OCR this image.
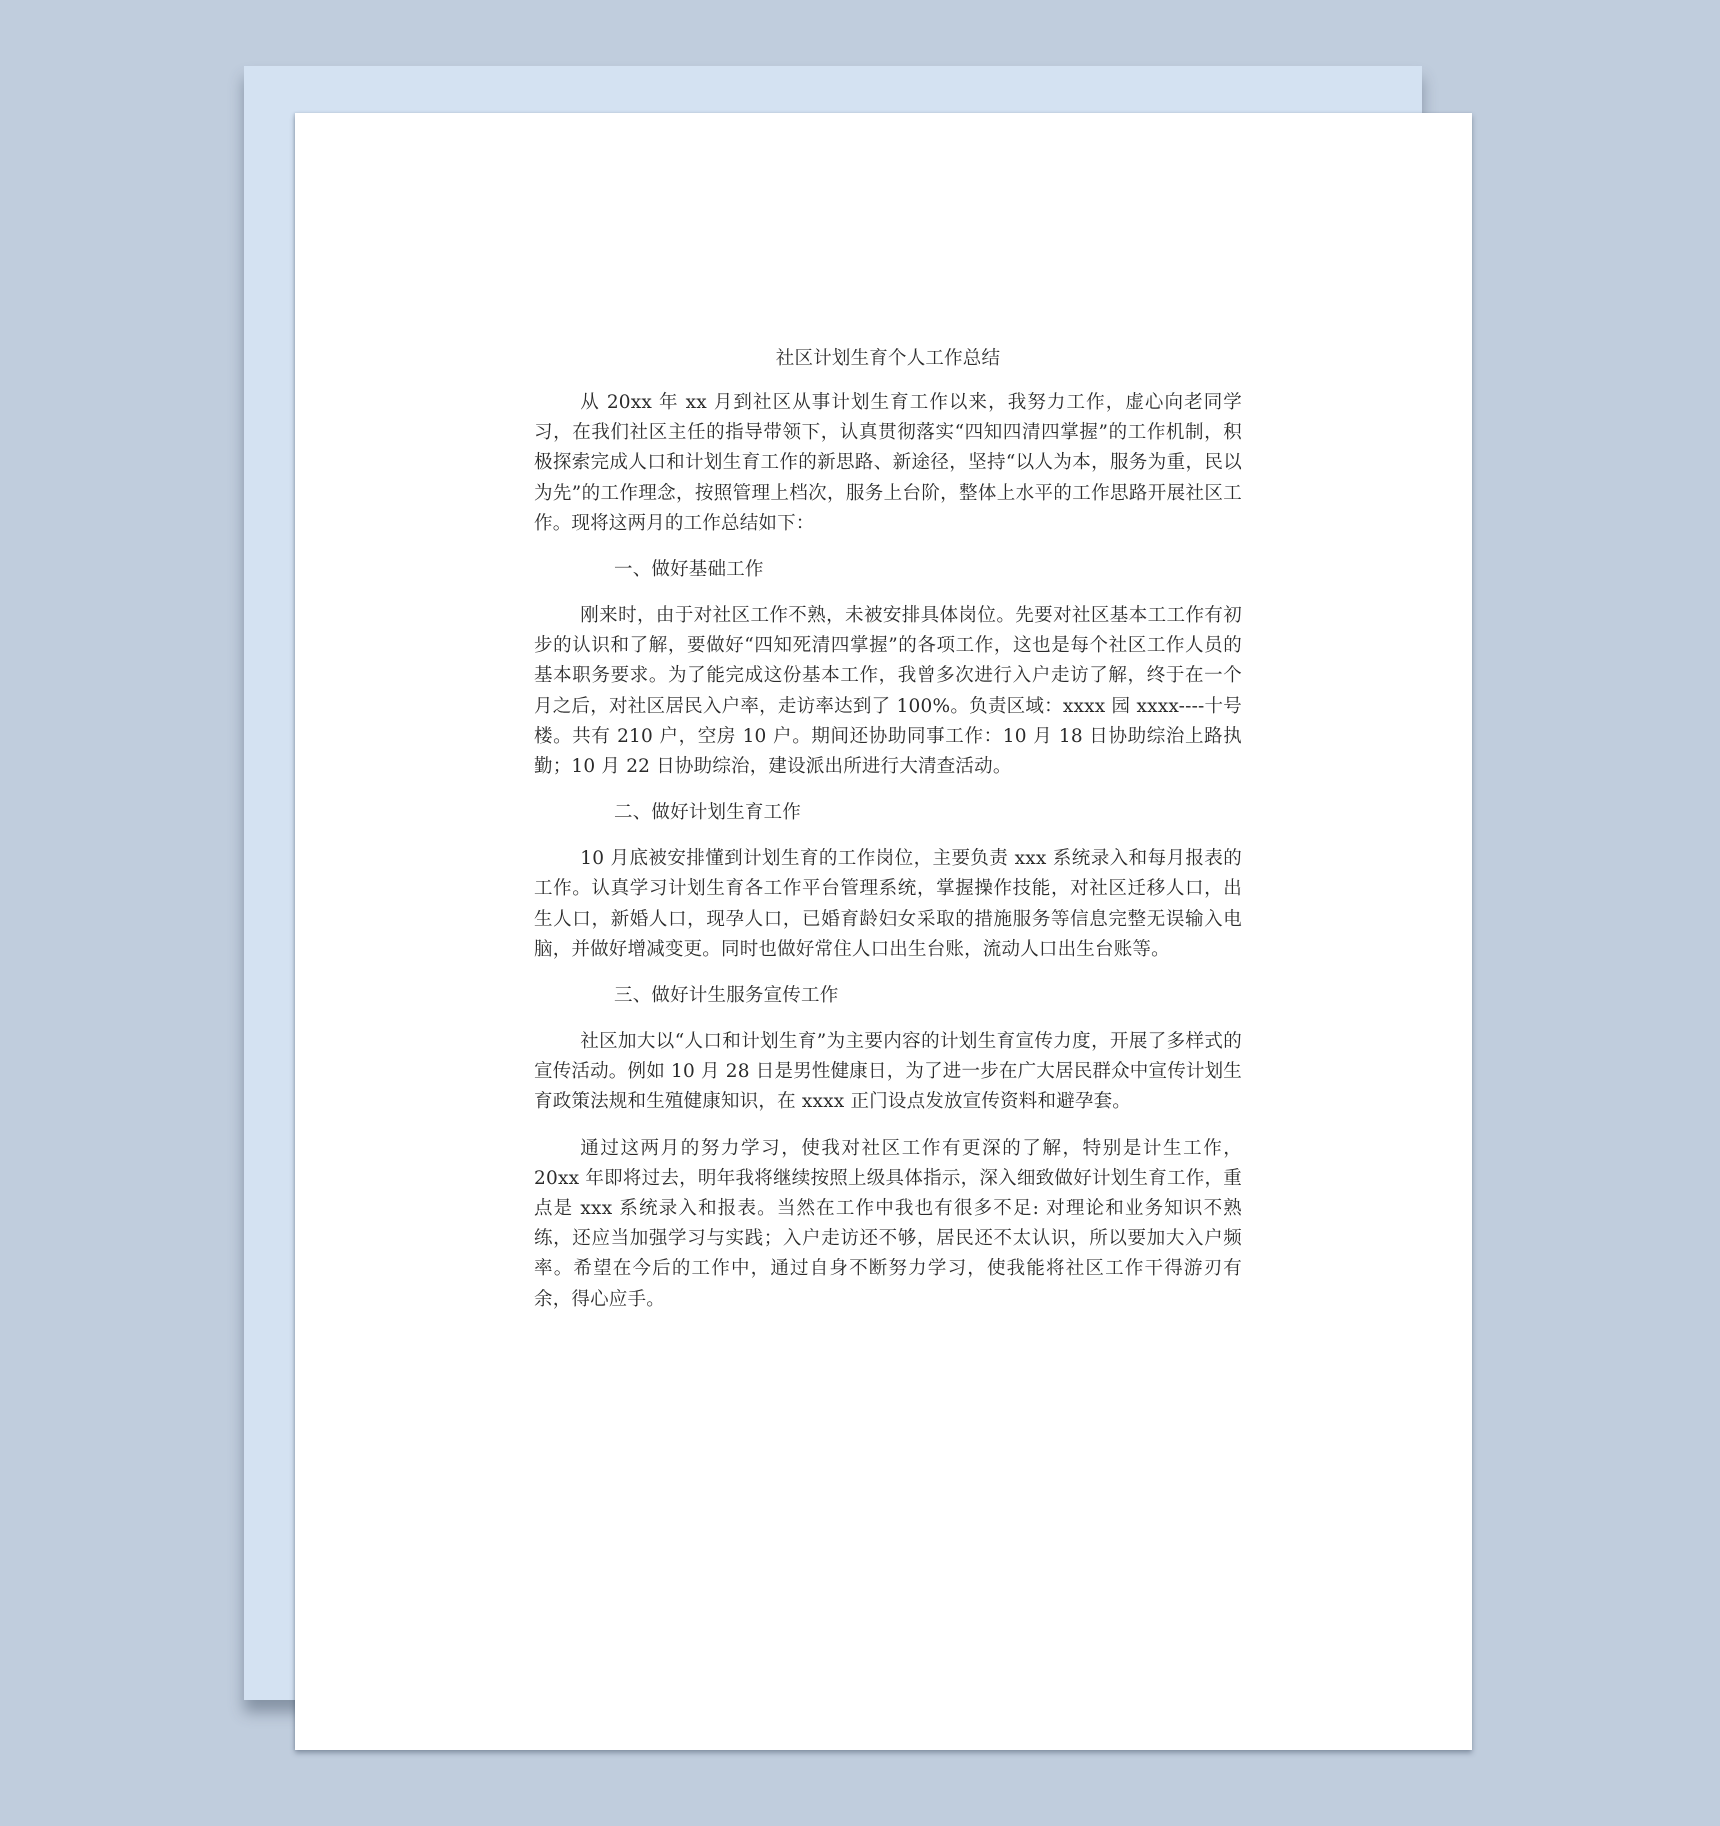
社区计划生育个人工作总结

从 20xx 年 xx 月到社区从事计划生育工作以来，我努力工作，虚心向老同学习，在我们社区主任的指导带领下，认真贯彻落实“四知四清四掌握”的工作机制，积极探索完成人口和计划生育工作的新思路、新途径，坚持“以人为本，服务为重，民以为先”的工作理念，按照管理上档次，服务上台阶，整体上水平的工作思路开展社区工作。现将这两月的工作总结如下：

一、做好基础工作

刚来时，由于对社区工作不熟，未被安排具体岗位。先要对社区基本工工作有初步的认识和了解，要做好“四知死清四掌握”的各项工作，这也是每个社区工作人员的基本职务要求。为了能完成这份基本工作，我曾多次进行入户走访了解，终于在一个月之后，对社区居民入户率，走访率达到了 100%。负责区域：xxxx 园 xxxx----十号楼。共有 210 户，空房 10 户。期间还协助同事工作：10 月 18 日协助综治上路执勤；10 月 22 日协助综治，建设派出所进行大清查活动。

二、做好计划生育工作

10 月底被安排懂到计划生育的工作岗位，主要负责 xxx 系统录入和每月报表的工作。认真学习计划生育各工作平台管理系统，掌握操作技能，对社区迁移人口，出生人口，新婚人口，现孕人口，已婚育龄妇女采取的措施服务等信息完整无误输入电脑，并做好增减变更。同时也做好常住人口出生台账，流动人口出生台账等。

三、做好计生服务宣传工作

社区加大以“人口和计划生育”为主要内容的计划生育宣传力度，开展了多样式的宣传活动。例如 10 月 28 日是男性健康日，为了进一步在广大居民群众中宣传计划生育政策法规和生殖健康知识，在 xxxx 正门设点发放宣传资料和避孕套。

通过这两月的努力学习，使我对社区工作有更深的了解，特别是计生工作，20xx 年即将过去，明年我将继续按照上级具体指示，深入细致做好计划生育工作，重点是 xxx 系统录入和报表。当然在工作中我也有很多不足: 对理论和业务知识不熟练，还应当加强学习与实践；入户走访还不够，居民还不太认识，所以要加大入户频率。希望在今后的工作中，通过自身不断努力学习，使我能将社区工作干得游刃有余，得心应手。
